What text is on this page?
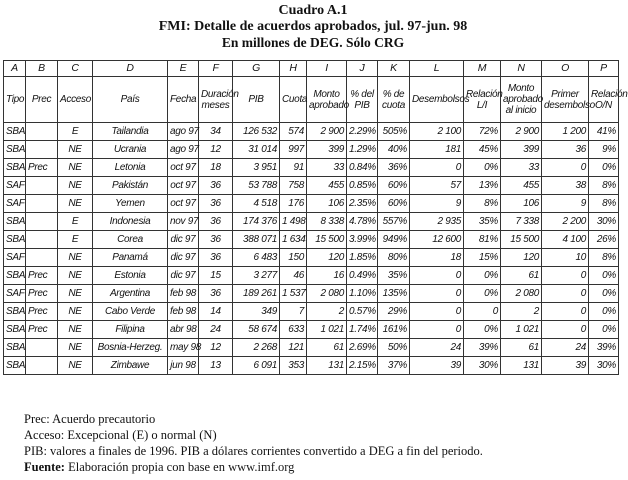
Cuadro A.1
FMI: Detalle de acuerdos aprobados, jul. 97-jun. 98
En millones de DEG. Sólo CRG
A	B	C	D	E	F	G	H	I	J	K	L	M	N	O	P
Tipo	Prec	Acceso	País	Fecha	Duración meses	PIB	Cuota	Monto aprobado	% del PIB	% de cuota	Desembolsos	Relación L/I	Monto aprobado al inicio	Primer desembolso	Relación O/N
SBA		E	Tailandia	ago 97	34	126 532	574	2 900	2.29%	505%	2 100	72%	2 900	1 200	41%
SBA		NE	Ucrania	ago 97	12	31 014	997	399	1.29%	40%	181	45%	399	36	9%
SBA	Prec	NE	Letonia	oct 97	18	3 951	91	33	0.84%	36%	0	0%	33	0	0%
SAF		NE	Pakistán	oct 97	36	53 788	758	455	0.85%	60%	57	13%	455	38	8%
SAF		NE	Yemen	oct 97	36	4 518	176	106	2.35%	60%	9	8%	106	9	8%
SBA		E	Indonesia	nov 97	36	174 376	1 498	8 338	4.78%	557%	2 935	35%	7 338	2 200	30%
SBA		E	Corea	dic 97	36	388 071	1 634	15 500	3.99%	949%	12 600	81%	15 500	4 100	26%
SAF		NE	Panamá	dic 97	36	6 483	150	120	1.85%	80%	18	15%	120	10	8%
SBA	Prec	NE	Estonia	dic 97	15	3 277	46	16	0.49%	35%	0	0%	61	0	0%
SAF	Prec	NE	Argentina	feb 98	36	189 261	1 537	2 080	1.10%	135%	0	0%	2 080	0	0%
SBA	Prec	NE	Cabo Verde	feb 98	14	349	7	2	0.57%	29%	0	0	2	0	0%
SBA	Prec	NE	Filipina	abr 98	24	58 674	633	1 021	1.74%	161%	0	0%	1 021	0	0%
SBA		NE	Bosnia-Herzeg.	may 98	12	2 268	121	61	2.69%	50%	24	39%	61	24	39%
SBA		NE	Zimbawe	jun 98	13	6 091	353	131	2.15%	37%	39	30%	131	39	30%
Prec: Acuerdo precautorio
Acceso: Excepcional (E) o normal (N)
PIB: valores a finales de 1996. PIB a dólares corrientes convertido a DEG a fin del periodo.
Fuente: Elaboración propia con base en www.imf.org
